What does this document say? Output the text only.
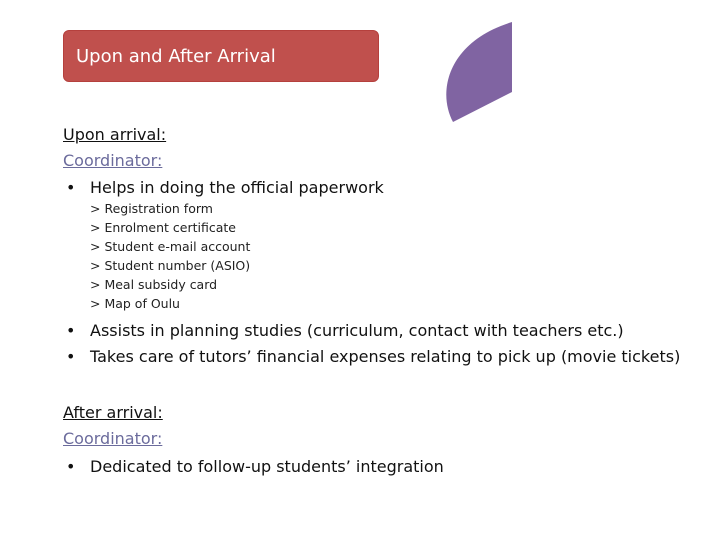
Upon and After Arrival
Upon arrival:
Coordinator:
• Helps in doing the official paperwork
> Registration form
> Enrolment certificate
> Student e-mail account
> Student number (ASIO)
> Meal subsidy card
> Map of Oulu
• Assists in planning studies (curriculum, contact with teachers etc.)
• Takes care of tutors’ financial expenses relating to pick up (movie tickets)
After arrival:
Coordinator:
• Dedicated to follow-up students’ integration
